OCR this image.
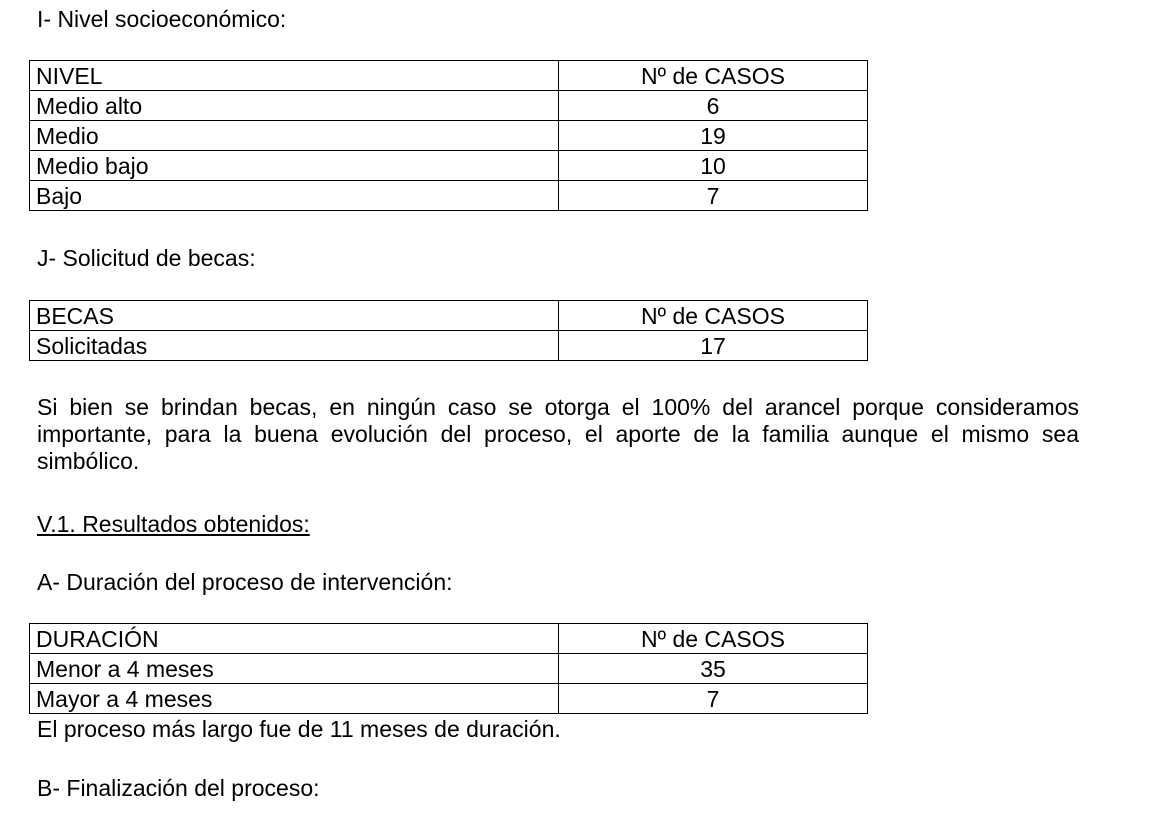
I- Nivel socioeconómico:

NIVEL	Nº de CASOS
Medio alto	6
Medio	19
Medio bajo	10
Bajo	7

J- Solicitud de becas:

BECAS	Nº de CASOS
Solicitadas	17

Si bien se brindan becas, en ningún caso se otorga el 100% del arancel porque consideramos importante, para la buena evolución del proceso, el aporte de la familia aunque el mismo sea simbólico.

V.1. Resultados obtenidos:

A- Duración del proceso de intervención:

DURACIÓN	Nº de CASOS
Menor a 4 meses	35
Mayor a 4 meses	7

El proceso más largo fue de 11 meses de duración.

B- Finalización del proceso:
